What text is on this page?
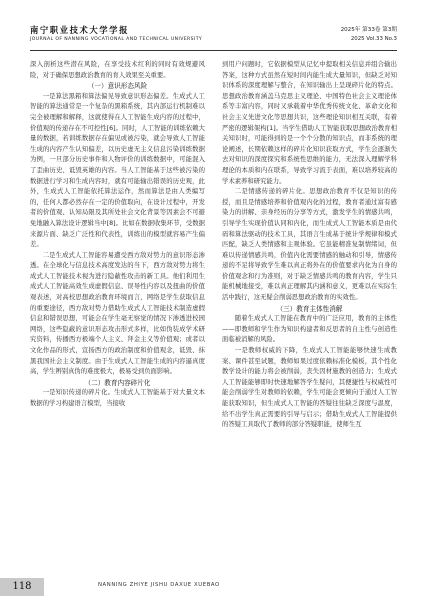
南宁职业技术大学学报
JOURNAL OF NANNING VOCATIONAL AND TECHNICAL UNIVERSITY
2025年 第33卷 第3期
2025 Vol.33 No.3
深入剖析这些潜在风险，在享受技术红利的同时有效规避风险，对于确保思想政治教育的育人效果至关重要。
（一）意识形态风险
一是算法黑箱和算法偏见导致意识形态偏差。生成式人工智能的算法通常是一个复杂的黑箱系统，其内部运行机制难以完全被理解和解释，这就使得在人工智能生成内容的过程中，价值观的传递存在不可控性[6]。同时，人工智能的训练依赖大量的数据，若训练数据存在偏见或被污染，就会导致人工智能生成的内容产生认知偏差，以历史虚无主义信息污染训练数据为例，一旦部分历史事件和人物评价的训练数据中，可能混入了歪曲历史、诋毁英雄的内容。当人工智能基于这些被污染的数据进行学习和生成内容时，就有可能输出错误的历史观，此外，生成式人工智能依托算法运作，然而算法是由人类编写的，任何人都必然存在一定的价值取向，在设计过程中，开发者的价值观、认知局限及其所处社会文化背景等因素会不可避免地融入算法设计逻辑当中[8]。比如在数据收集环节，受数据来源片面、缺乏广泛性和代表性，训练出的模型就容易产生偏差。
二是生成式人工智能容易遭受西方敌对势力的意识形态渗透。在全球化与信息技术高度发达的当下，西方敌对势力将生成式人工智能技术视为进行隐蔽性攻击的新工具。他们利用生成式人工智能高效生成虚假信息、误导性内容以及扭曲的价值观表述，对高校思想政治教育环境而言，网络是学生获取信息的重要途径，西方敌对势力借助生成式人工智能技术制造虚假信息和错误思想，可能会在学生毫无察觉的情况下渗透进校园网络，这些隐蔽的意识形态攻击形式多样，比如伪装成学术研究资料，传播西方极端个人主义、拜金主义等价值观；或者以文化作品的形式，宣扬西方的政治制度和价值观念，诋毁、抹黑我国社会主义制度。由于生成式人工智能生成的内容逼真度高，学生辨别真伪的难度极大，极易受到负面影响。
（二）教育内容碎片化
一是知识传递的碎片化。生成式人工智能基于对大量文本数据的学习构建语言模型，当接收
到用户问题时，它依据模型从记忆中提取相关信息并组合输出答案，这种方式虽然在短时间内能生成大量知识，但缺乏对知识体系的深度理解与整合，在知识输出上呈现碎片化的特点。思想政治教育涵盖马克思主义理论、中国特色社会主义理论体系等丰富内容，同时又承载着中华优秀传统文化、革命文化和社会主义先进文化等思想共识，这些理论知识相互关联，有着严密的逻辑架构[1]。当学生借助人工智能获取思想政治教育相关知识时，可能得到的是一个个分散的知识点，而非系统的理论阐述，长期依赖这样的碎片化知识获取方式，学生会逐渐失去对知识的深度探究和系统性思维的能力，无法深入理解学科理论的本质和内在联系，导致学习流于表面，难以培养较高的学术素养和研究能力。
二是情感传递的碎片化。思想政治教育不仅是知识的传授，而且是情感培养和价值观内化的过程，教育者通过富有感染力的讲解、亲身经历的分享等方式，激发学生的情感共鸣，引导学生实现价值认同和内化，而生成式人工智能本质是由代码和算法驱动的技术工具，其语言生成基于统计学规律和模式匹配，缺乏人类情感和主观体验。它虽能精准复制情绪词，但难以传递情感共鸣，价值内化需要情感的触动和引导，情感传递的不足将导致学生难以真正将外在的价值要求内化为自身的价值观念和行为准则，对于缺乏情感共鸣的教育内容，学生只能机械地接受，难以真正理解其内涵和意义，更难以在实际生活中践行，这无疑会削弱思想政治教育的实效性。
（三）教育主体性消解
随着生成式人工智能在教育中的广泛应用，教育的主体性——即教师和学生作为知识构建者和反思者的自主性与创造性面临被消解的风险。
一是教师权威的下降，生成式人工智能能够快速生成教案、课件甚至试题，教师如果过度依赖标准化模板，其个性化教学设计的能力将会被削弱，丧失因材施教的创造力；生成式人工智能能够即时快速地解答学生疑问，其便捷性与权威性可能会削弱学生对教师的依赖，学生可能会更倾向于通过人工智能获取知识，但生成式人工智能的答疑往往缺乏深度与温度，给不出学生真正需要的引导与启示；借助生成式人工智能提供的答疑工具取代了教师的部分答疑职能，使师生互
118	NANNING ZHIYE JISHU DAXUE XUEBAO
